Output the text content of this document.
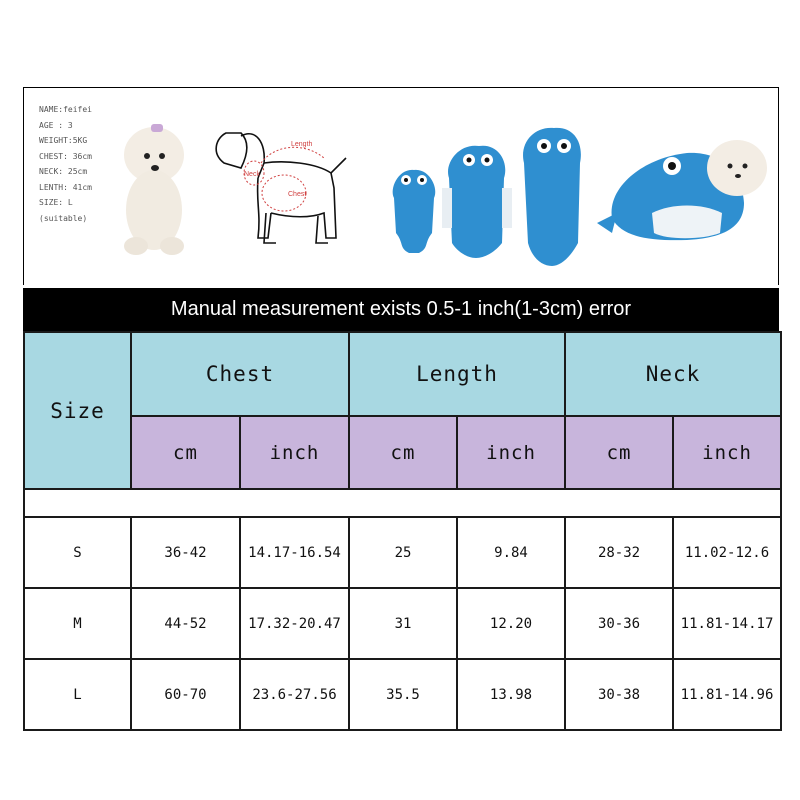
NAME:feifei
AGE : 3
WEIGHT:5KG
CHEST: 36cm
NECK: 25cm
LENTH: 41cm
SIZE: L
(suitable)
Length
Neck
Chest
Manual measurement exists 0.5-1 inch(1-3cm) error
Size	Chest		Length		Neck	
	cm	inch	cm	inch	cm	inch

S	36-42	14.17-16.54	25	9.84	28-32	11.02-12.6
M	44-52	17.32-20.47	31	12.20	30-36	11.81-14.17
L	60-70	23.6-27.56	35.5	13.98	30-38	11.81-14.96
